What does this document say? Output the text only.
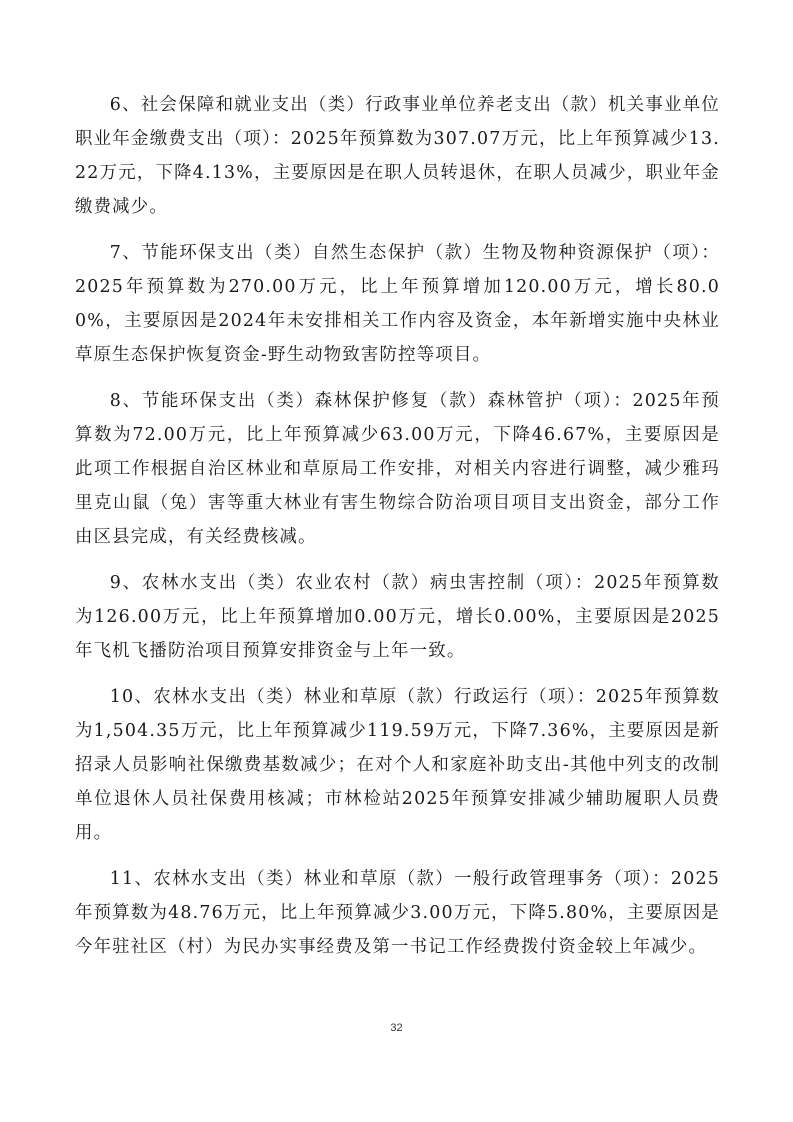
6、社会保障和就业支出（类）行政事业单位养老支出（款）机关事业单位职业年金缴费支出（项）：2025年预算数为307.07万元，比上年预算减少13.22万元，下降4.13%，主要原因是在职人员转退休，在职人员减少，职业年金缴费减少。

7、节能环保支出（类）自然生态保护（款）生物及物种资源保护（项）：2025年预算数为270.00万元，比上年预算增加120.00万元，增长80.00%，主要原因是2024年未安排相关工作内容及资金，本年新增实施中央林业草原生态保护恢复资金-野生动物致害防控等项目。

8、节能环保支出（类）森林保护修复（款）森林管护（项）：2025年预算数为72.00万元，比上年预算减少63.00万元，下降46.67%，主要原因是此项工作根据自治区林业和草原局工作安排，对相关内容进行调整，减少雅玛里克山鼠（兔）害等重大林业有害生物综合防治项目项目支出资金，部分工作由区县完成，有关经费核减。

9、农林水支出（类）农业农村（款）病虫害控制（项）：2025年预算数为126.00万元，比上年预算增加0.00万元，增长0.00%，主要原因是2025年飞机飞播防治项目预算安排资金与上年一致。

10、农林水支出（类）林业和草原（款）行政运行（项）：2025年预算数为1,504.35万元，比上年预算减少119.59万元，下降7.36%，主要原因是新招录人员影响社保缴费基数减少；在对个人和家庭补助支出-其他中列支的改制单位退休人员社保费用核减；市林检站2025年预算安排减少辅助履职人员费用。

11、农林水支出（类）林业和草原（款）一般行政管理事务（项）：2025年预算数为48.76万元，比上年预算减少3.00万元，下降5.80%，主要原因是今年驻社区（村）为民办实事经费及第一书记工作经费拨付资金较上年减少。

32
